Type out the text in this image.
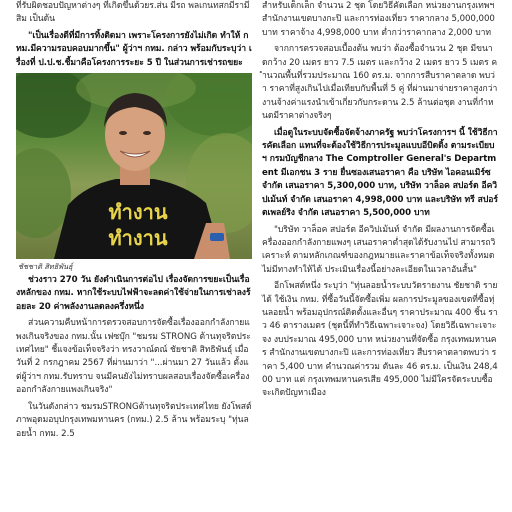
ที่รับผิดชอบปัญหาต่างๆ ที่เกิดขึ้นด้วยร.ส่น มีรถ พลเกนทสกมีรามีสิม เป็นด้น

"เป็นเรื่องดีที่มีการทิ้งติดมา เพราะโครงการยังไม่เกิด ทำให้ กทม.มีความรอบคอบมากขึ้น" ผู้ว่าฯ กทม. กล่าว พร้อมกับระบุว่า เรื่องที่ ป.ป.ช.ชี้มาคือโครงการระยะ 5 ปี ในส่วนการเช่ารถขยะ

ทำงาน
ทำงาน
ชัชชาติ สิทธิพันธุ์

ช่วงราว 270 วัน ยังดำเนินการต่อไป เรื่องจัดการขยะเป็นเรื่องหลักของ กทม. หากใช้ระบบไฟฟ้าจะลดค่าใช้จ่ายในการเช่าลงร้อยละ 20 ค่าพลังงานลดลงครึ่งหนึ่ง

ส่วนความคืบหน้าการตรวจสอบการจัดซื้อเรื่องออกกำลังกายแพงเกินจริงของ กทม.นั้น เฟซบุ๊ก "ชมรม STRONG ต้านทุจริตประเทศไทย" ชี้แจงข้อเท็จจริงว่า ทรงวาณ์ตณ์ ชัยชาติ สิทธิพันธุ์ เมื่อวันที่ 2 กรกฎาคม 2567 ที่ผ่านมาว่า "...ผ่านมา 27 วันแล้ว ตั้งแต่ผู้ว่าฯ กทม.รับทราบ จนมีคนยังไม่ทราบผลสอบเรื่องจัดซื้อเครื่องออกกำลังกายแพงเกินจริง"

ในวันดังกล่าว ชมรมSTRONGต้านทุจริตประเทศไทย ยังโพสต์ภาพอุดมอบุปกรุงเทพมหานคร (กทม.) 2.5 ล้าน พร้อมระบุ "ทุ่นลอยน้ำ กทม. 2.5

สำหรับเด็กเล็ก จำนวน 2 ชุด โดยวิธีคัดเลือก หน่วยงานกรุงเทพฯ สำนักงานเขตบางกะปิ และการท่องเที่ยว ราคากลาง 5,000,000 บาท ราคาจ้าง 4,998,000 บาท ต่ำกว่าราคากลาง 2,000 บาท

จากการตรวจสอบเบื้องต้น พบว่า ต้องซื้อจำนวน 2 ชุด มีขนาดกว้าง 20 เมตร ยาว 7.5 เมตร และกว้าง 2 เมตร ยาว 5 เมตร คำนวณพื้นที่รวมประมาณ 160 ตร.ม. จากการสืบราคาตลาด พบว่า ราคาที่สูงเกินไปเมื่อเทียบกับพื้นที่ 5 คู่ ที่ผ่านมาจ่ายราคาสูงกว่างานจ้างค่าแรงนำเข้าเกี่ยวกับกระดาน 2.5 ล้านต่อชุด งานที่กำหนดมีราคาต่างจริงๆ

เมื่อดูในระบบจัดซื้อจัดจ้างภาครัฐ พบว่าโครงการฯ นี้ ใช้วิธีการคัดเลือก แทนที่จะต้องใช้วิธีการประมูลแบบอีบิดดิ้ง ตามระเบียบฯ กรมบัญชีกลาง The Comptroller General's Department มีเอกชน 3 ราย ยื่นซองเสนอราคา คือ บริษัท ไอคอนเมิร์ซ จำกัด เสนอราคา 5,300,000 บาท, บริษัท วาล็อค สปอร์ต อีควิปเม้นท์ จำกัด เสนอราคา 4,998,000 บาท และบริษัท ทรี สปอร์ตเพลย์ริง จำกัด เสนอราคา 5,500,000 บาท

"บริษัท วาล็อค สปอร์ต อีควิปเม้นท์ จำกัด มีผลงานการจัดซื้อเครื่องออกกำลังกายแพงๆ เสนอราคาต่ำสุดได้รับงานไป สามารถวิเคราะห์ ตามหลักเกณฑ์ของกฎหมายและราคาข้อเท็จจริงทั้งหมด ไม่มีทางทำให้ได้ ประเมินเรื่องนี้อย่างละเอียดในเวลาอันสั้น"

อีกโพสต์หนึ่ง ระบุว่า "ทุ่นลอยน้ำระบบวัดรายงาน ชัยชาติ รายได้ ใช้เงิน กทม. ที่ซื้อวันนี้จัดซื้อเพิ่ม ผลการประมูลของเขตที่ซื้อทุ่นลอยน้ำ พร้อมอุปกรณ์ติดตั้งและอื่นๆ ราคาประมาณ 400 ชิ้น ราว 46 ตารางเมตร (ชุดนี้ที่ทำวิธีเฉพาะเจาะจง) โดยวิธีเฉพาะเจาะจง งบประมาณ 495,000 บาท หน่วยงานที่จัดซื้อ กรุงเทพมหานคร สำนักงานเขตบางกะปิ และการท่องเที่ยว สืบราคาตลาดพบว่า ราคา 5,400 บาท คำนวณค่ารวม ตันละ 46 ตร.ม. เป็นเงิน 248,400 บาท แต่ กรุงเทพมหานครเสีย 495,000 ไม่มีใครจัดระบบซื้อ จะเกิดปัญหาเมือง
